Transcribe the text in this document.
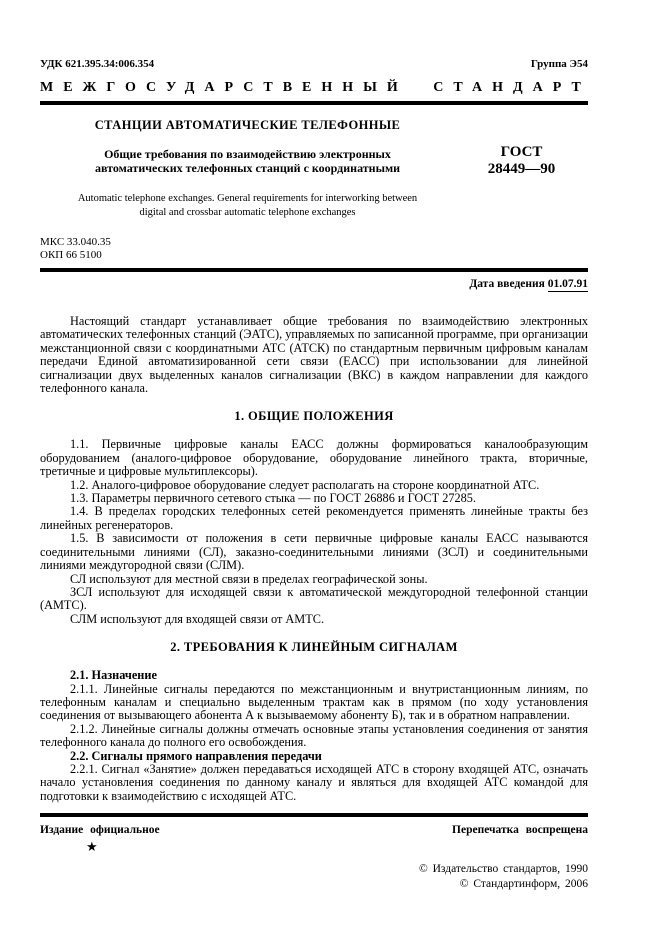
УДК 621.395.34:006.354	Группа Э54
МЕЖГОСУДАРСТВЕННЫЙ СТАНДАРТ
СТАНЦИИ АВТОМАТИЧЕСКИЕ ТЕЛЕФОННЫЕ
Общие требования по взаимодействию электронных автоматических телефонных станций с координатными
Automatic telephone exchanges. General requirements for interworking between digital and crossbar automatic telephone exchanges
ГОСТ
28449—90
МКС 33.040.35
ОКП 66 5100
Дата введения 01.07.91

Настоящий стандарт устанавливает общие требования по взаимодействию электронных автоматических телефонных станций (ЭАТС), управляемых по записанной программе, при организации межстанционной связи с координатными АТС (АТСК) по стандартным первичным цифровым каналам передачи Единой автоматизированной сети связи (ЕАСС) при использовании для линейной сигнализации двух выделенных каналов сигнализации (ВКС) в каждом направлении для каждого телефонного канала.

1. ОБЩИЕ ПОЛОЖЕНИЯ

1.1. Первичные цифровые каналы ЕАСС должны формироваться каналообразующим оборудованием (аналого-цифровое оборудование, оборудование линейного тракта, вторичные, третичные и цифровые мультиплексоры).

1.2. Аналого-цифровое оборудование следует располагать на стороне координатной АТС.

1.3. Параметры первичного сетевого стыка — по ГОСТ 26886 и ГОСТ 27285.

1.4. В пределах городских телефонных сетей рекомендуется применять линейные тракты без линейных регенераторов.

1.5. В зависимости от положения в сети первичные цифровые каналы ЕАСС называются соединительными линиями (СЛ), заказно-соединительными линиями (ЗСЛ) и соединительными линиями междугородной связи (СЛМ).

СЛ используют для местной связи в пределах географической зоны.

ЗСЛ используют для исходящей связи к автоматической междугородной телефонной станции (АМТС).

СЛМ используют для входящей связи от АМТС.

2. ТРЕБОВАНИЯ К ЛИНЕЙНЫМ СИГНАЛАМ

2.1. Назначение

2.1.1. Линейные сигналы передаются по межстанционным и внутристанционным линиям, по телефонным каналам и специально выделенным трактам как в прямом (по ходу установления соединения от вызывающего абонента А к вызываемому абоненту Б), так и в обратном направлении.

2.1.2. Линейные сигналы должны отмечать основные этапы установления соединения от занятия телефонного канала до полного его освобождения.

2.2. Сигналы прямого направления передачи

2.2.1. Сигнал «Занятие» должен передаваться исходящей АТС в сторону входящей АТС, означать начало установления соединения по данному каналу и являться для входящей АТС командой для подготовки к взаимодействию с исходящей АТС.

Издание официальное	Перепечатка воспрещена
★
© Издательство стандартов, 1990
© Стандартинформ, 2006
